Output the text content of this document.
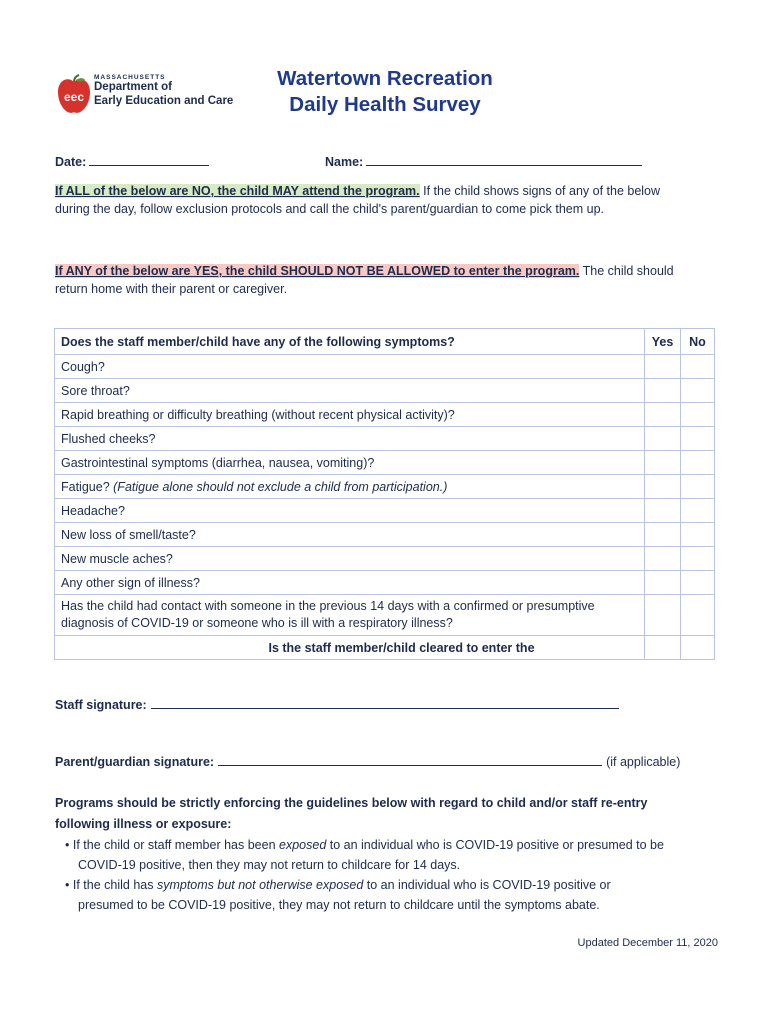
eec
MASSACHUSETTS
Department of
Early Education and Care
Watertown Recreation
Daily Health Survey
Date:	Name:
If ALL of the below are NO, the child MAY attend the program. If the child shows signs of any of the below during the day, follow exclusion protocols and call the child's parent/guardian to come pick them up.
If ANY of the below are YES, the child SHOULD NOT BE ALLOWED to enter the program. The child should return home with their parent or caregiver.
Does the staff member/child have any of the following symptoms?	Yes	No
Cough?		
Sore throat?		
Rapid breathing or difficulty breathing (without recent physical activity)?		
Flushed cheeks?		
Gastrointestinal symptoms (diarrhea, nausea, vomiting)?		
Fatigue? (Fatigue alone should not exclude a child from participation.)		
Headache?		
New loss of smell/taste?		
New muscle aches?		
Any other sign of illness?		
Has the child had contact with someone in the previous 14 days with a confirmed or presumptive diagnosis of COVID-19 or someone who is ill with a respiratory illness?		
Is the staff member/child cleared to enter the		
Staff signature:
Parent/guardian signature:	(if applicable)
Programs should be strictly enforcing the guidelines below with regard to child and/or staff re-entry following illness or exposure:
• If the child or staff member has been exposed to an individual who is COVID-19 positive or presumed to be
COVID-19 positive, then they may not return to childcare for 14 days.
• If the child has symptoms but not otherwise exposed to an individual who is COVID-19 positive or
presumed to be COVID-19 positive, they may not return to childcare until the symptoms abate.
Updated December 11, 2020
